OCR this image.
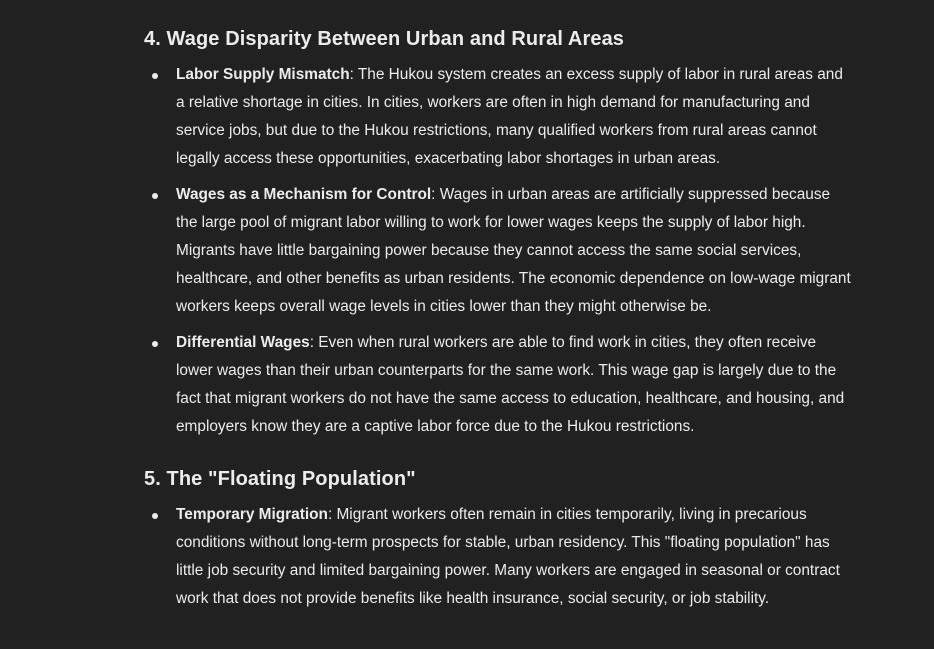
4. Wage Disparity Between Urban and Rural Areas
Labor Supply Mismatch: The Hukou system creates an excess supply of labor in rural areas and a relative shortage in cities. In cities, workers are often in high demand for manufacturing and service jobs, but due to the Hukou restrictions, many qualified workers from rural areas cannot legally access these opportunities, exacerbating labor shortages in urban areas.
Wages as a Mechanism for Control: Wages in urban areas are artificially suppressed because the large pool of migrant labor willing to work for lower wages keeps the supply of labor high. Migrants have little bargaining power because they cannot access the same social services, healthcare, and other benefits as urban residents. The economic dependence on low-wage migrant workers keeps overall wage levels in cities lower than they might otherwise be.
Differential Wages: Even when rural workers are able to find work in cities, they often receive lower wages than their urban counterparts for the same work. This wage gap is largely due to the fact that migrant workers do not have the same access to education, healthcare, and housing, and employers know they are a captive labor force due to the Hukou restrictions.
5. The "Floating Population"
Temporary Migration: Migrant workers often remain in cities temporarily, living in precarious conditions without long-term prospects for stable, urban residency. This "floating population" has little job security and limited bargaining power. Many workers are engaged in seasonal or contract work that does not provide benefits like health insurance, social security, or job stability.
